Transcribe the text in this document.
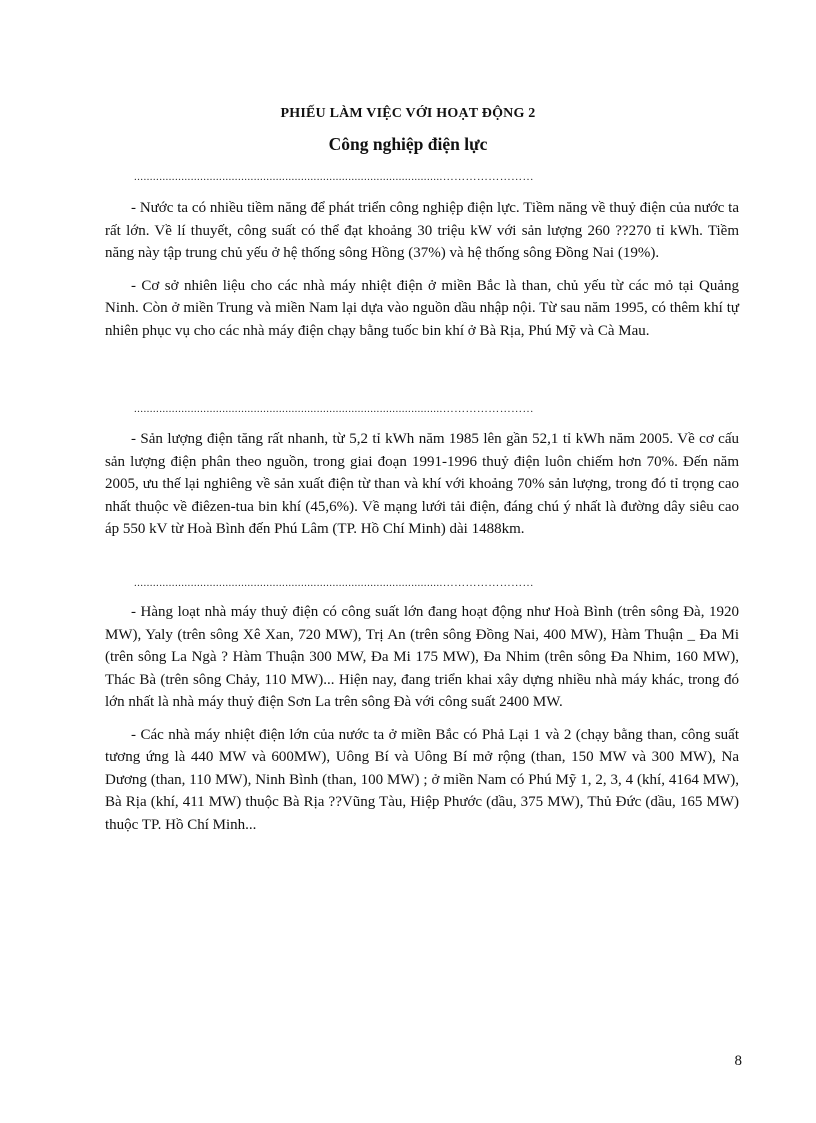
PHIẾU LÀM VIỆC VỚI HOẠT ĐỘNG 2
Công nghiệp điện lực
..................................................................................................……………………

- Nước ta có nhiều tiềm năng để phát triển công nghiệp điện lực. Tiềm năng về thuỷ điện của nước ta rất lớn. Về lí thuyết, công suất có thể đạt khoảng 30 triệu kW với sản lượng 260 ??270 tỉ kWh. Tiềm năng này tập trung chủ yếu ở hệ thống sông Hồng (37%) và hệ thống sông Đồng Nai (19%).

- Cơ sở nhiên liệu cho các nhà máy nhiệt điện ở miền Bắc là than, chủ yếu từ các mỏ tại Quảng Ninh. Còn ở miền Trung và miền Nam lại dựa vào nguồn dầu nhập nội. Từ sau năm 1995, có thêm khí tự nhiên phục vụ cho các nhà máy điện chạy bằng tuốc bin khí ở Bà Rịa, Phú Mỹ và Cà Mau.

..................................................................................................……………………

- Sản lượng điện tăng rất nhanh, từ 5,2 tỉ kWh năm 1985 lên gần 52,1 tỉ kWh năm 2005. Về cơ cấu sản lượng điện phân theo nguồn, trong giai đoạn 1991-1996 thuỷ điện luôn chiếm hơn 70%. Đến năm 2005, ưu thế lại nghiêng về sản xuất điện từ than và khí với khoảng 70% sản lượng, trong đó tỉ trọng cao nhất thuộc về điêzen-tua bin khí (45,6%). Về mạng lưới tải điện, đáng chú ý nhất là đường dây siêu cao áp 550 kV từ Hoà Bình đến Phú Lâm (TP. Hồ Chí Minh) dài 1488km.

..................................................................................................……………………

- Hàng loạt nhà máy thuỷ điện có công suất lớn đang hoạt động như Hoà Bình (trên sông Đà, 1920 MW), Yaly (trên sông Xê Xan, 720 MW), Trị An (trên sông Đồng Nai, 400 MW), Hàm Thuận _ Đa Mi (trên sông La Ngà ? Hàm Thuận 300 MW, Đa Mi 175 MW), Đa Nhim (trên sông Đa Nhim, 160 MW), Thác Bà (trên sông Chảy, 110 MW)... Hiện nay, đang triển khai xây dựng nhiều nhà máy khác, trong đó lớn nhất là nhà máy thuỷ điện Sơn La trên sông Đà với công suất 2400 MW.

- Các nhà máy nhiệt điện lớn của nước ta ở miền Bắc có Phả Lại 1 và 2 (chạy bằng than, công suất tương ứng là 440 MW và 600MW), Uông Bí và Uông Bí mở rộng (than, 150 MW và 300 MW), Na Dương (than, 110 MW), Ninh Bình (than, 100 MW) ; ở miền Nam có Phú Mỹ 1, 2, 3, 4 (khí, 4164 MW), Bà Rịa (khí, 411 MW) thuộc Bà Rịa ??Vũng Tàu, Hiệp Phước (dầu, 375 MW), Thủ Đức (dầu, 165 MW) thuộc TP. Hồ Chí Minh...

8
